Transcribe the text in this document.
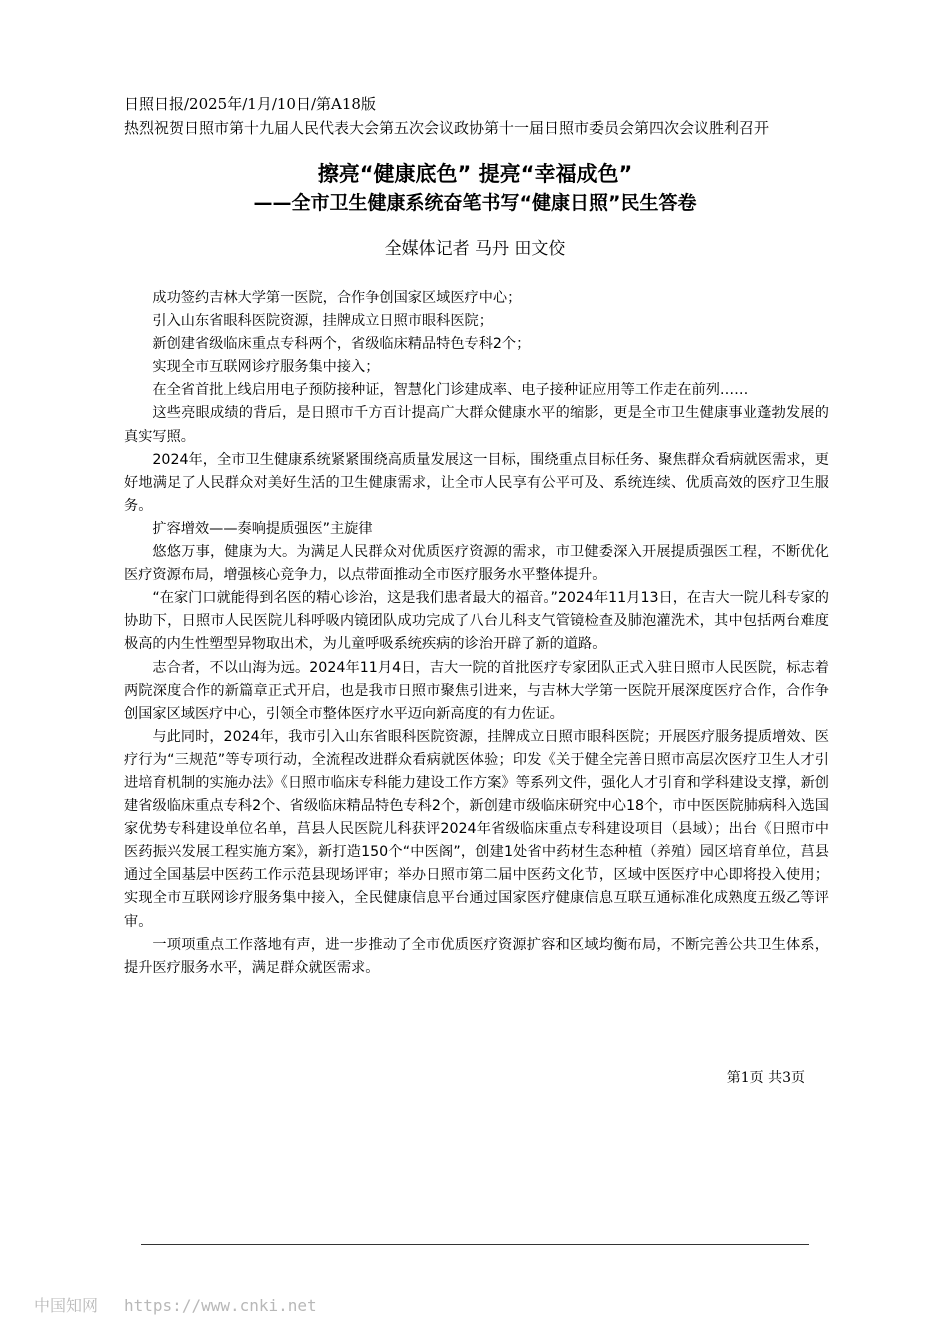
日照日报/2025年/1月/10日/第A18版
热烈祝贺日照市第十九届人民代表大会第五次会议政协第十一届日照市委员会第四次会议胜利召开
擦亮“健康底色” 提亮“幸福成色”
——全市卫生健康系统奋笔书写“健康日照”民生答卷
全媒体记者 马丹 田文佼

成功签约吉林大学第一医院，合作争创国家区域医疗中心；

引入山东省眼科医院资源，挂牌成立日照市眼科医院；

新创建省级临床重点专科两个，省级临床精品特色专科2个；

实现全市互联网诊疗服务集中接入；

在全省首批上线启用电子预防接种证，智慧化门诊建成率、电子接种证应用等工作走在前列……

这些亮眼成绩的背后，是日照市千方百计提高广大群众健康水平的缩影，更是全市卫生健康事业蓬勃发展的真实写照。

2024年，全市卫生健康系统紧紧围绕高质量发展这一目标，围绕重点目标任务、聚焦群众看病就医需求，更好地满足了人民群众对美好生活的卫生健康需求，让全市人民享有公平可及、系统连续、优质高效的医疗卫生服务。

扩容增效——奏响提质强医”主旋律

悠悠万事，健康为大。为满足人民群众对优质医疗资源的需求，市卫健委深入开展提质强医工程，不断优化医疗资源布局，增强核心竞争力，以点带面推动全市医疗服务水平整体提升。

“在家门口就能得到名医的精心诊治，这是我们患者最大的福音。”2024年11月13日，在吉大一院儿科专家的协助下，日照市人民医院儿科呼吸内镜团队成功完成了八台儿科支气管镜检查及肺泡灌洗术，其中包括两台难度极高的内生性塑型异物取出术，为儿童呼吸系统疾病的诊治开辟了新的道路。

志合者，不以山海为远。2024年11月4日，吉大一院的首批医疗专家团队正式入驻日照市人民医院，标志着两院深度合作的新篇章正式开启，也是我市日照市聚焦引进来，与吉林大学第一医院开展深度医疗合作，合作争创国家区域医疗中心，引领全市整体医疗水平迈向新高度的有力佐证。

与此同时，2024年，我市引入山东省眼科医院资源，挂牌成立日照市眼科医院；开展医疗服务提质增效、医疗行为“三规范”等专项行动，全流程改进群众看病就医体验；印发《关于健全完善日照市高层次医疗卫生人才引进培育机制的实施办法》《日照市临床专科能力建设工作方案》等系列文件，强化人才引育和学科建设支撑，新创建省级临床重点专科2个、省级临床精品特色专科2个，新创建市级临床研究中心18个，市中医医院肺病科入选国家优势专科建设单位名单，莒县人民医院儿科获评2024年省级临床重点专科建设项目（县域）；出台《日照市中医药振兴发展工程实施方案》，新打造150个“中医阁”，创建1处省中药材生态种植（养殖）园区培育单位，莒县通过全国基层中医药工作示范县现场评审；举办日照市第二届中医药文化节，区域中医医疗中心即将投入使用；实现全市互联网诊疗服务集中接入，全民健康信息平台通过国家医疗健康信息互联互通标准化成熟度五级乙等评审。

一项项重点工作落地有声，进一步推动了全市优质医疗资源扩容和区域均衡布局，不断完善公共卫生体系，提升医疗服务水平，满足群众就医需求。

第1页 共3页
中国知网 https://www.cnki.net
